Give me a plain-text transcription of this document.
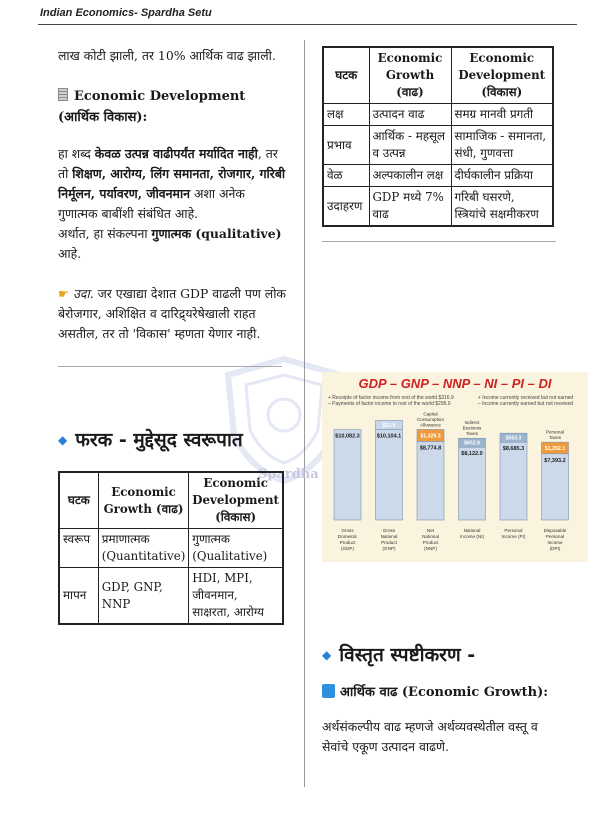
Indian Economics- Spardha Setu
Spardha

लाख कोटी झाली, तर 10% आर्थिक वाढ झाली.

Economic Development (आर्थिक विकास):

हा शब्द केवळ उत्पन्न वाढीपर्यंत मर्यादित नाही, तर तो शिक्षण, आरोग्य, लिंग समानता, रोजगार, गरिबी निर्मूलन, पर्यावरण, जीवनमान अशा अनेक गुणात्मक बाबींशी संबंधित आहे.

अर्थात, हा संकल्पना गुणात्मक (qualitative) आहे.

☛ उदा. जर एखाद्या देशात GDP वाढली पण लोक बेरोजगार, अशिक्षित व दारिद्र्यरेषेखाली राहत असतील, तर तो 'विकास' म्हणता येणार नाही.

◆ फरक - मुद्देसूद स्वरूपात

घटक	Economic Growth (वाढ)	Economic Development (विकास)
स्वरूप	प्रमाणात्मक (Quantitative)	गुणात्मक (Qualitative)
मापन	GDP, GNP, NNP	HDI, MPI, जीवनमान, साक्षरता, आरोग्य
घटक	Economic Growth (वाढ)	Economic Development (विकास)
लक्ष	उत्पादन वाढ	समग्र मानवी प्रगती
प्रभाव	आर्थिक - महसूल व उत्पन्न	सामाजिक - समानता, संधी, गुणवत्ता
वेळ	अल्पकालीन लक्ष	दीर्घकालीन प्रक्रिया
उदाहरण	GDP मध्ये 7% वाढ	गरिबी घसरणे, स्त्रियांचे सक्षमीकरण
GDP – GNP – NNP – NI – PI – DI
+ Receipts of factor income from rest of the world $316.9
– Payments of factor income to rest of the world $295.0
+ Income currently received but not earned
– Income currently earned but not received
$10,082.3
Gross
Domestic
Product
(GDP)
$10,104.1
Gross
National
Product
(GNP)
$8,774.8
Net
National
Product
(NNP)
$8,122.0
National
Income (NI)
$8,685.3
Personal
Income (PI)
$7,393.2
Disposable
Personal
Income
(DPI)
$21.9
$1,329.3
Capital
Consumption
Allowance
$652.8
Indirect
Business
Taxes
$563.3
$1,292.1
Personal
Taxes

◆ विस्तृत स्पष्टीकरण -

आर्थिक वाढ (Economic Growth):

अर्थसंकल्पीय वाढ म्हणजे अर्थव्यवस्थेतील वस्तू व सेवांचे एकूण उत्पादन वाढणे.
